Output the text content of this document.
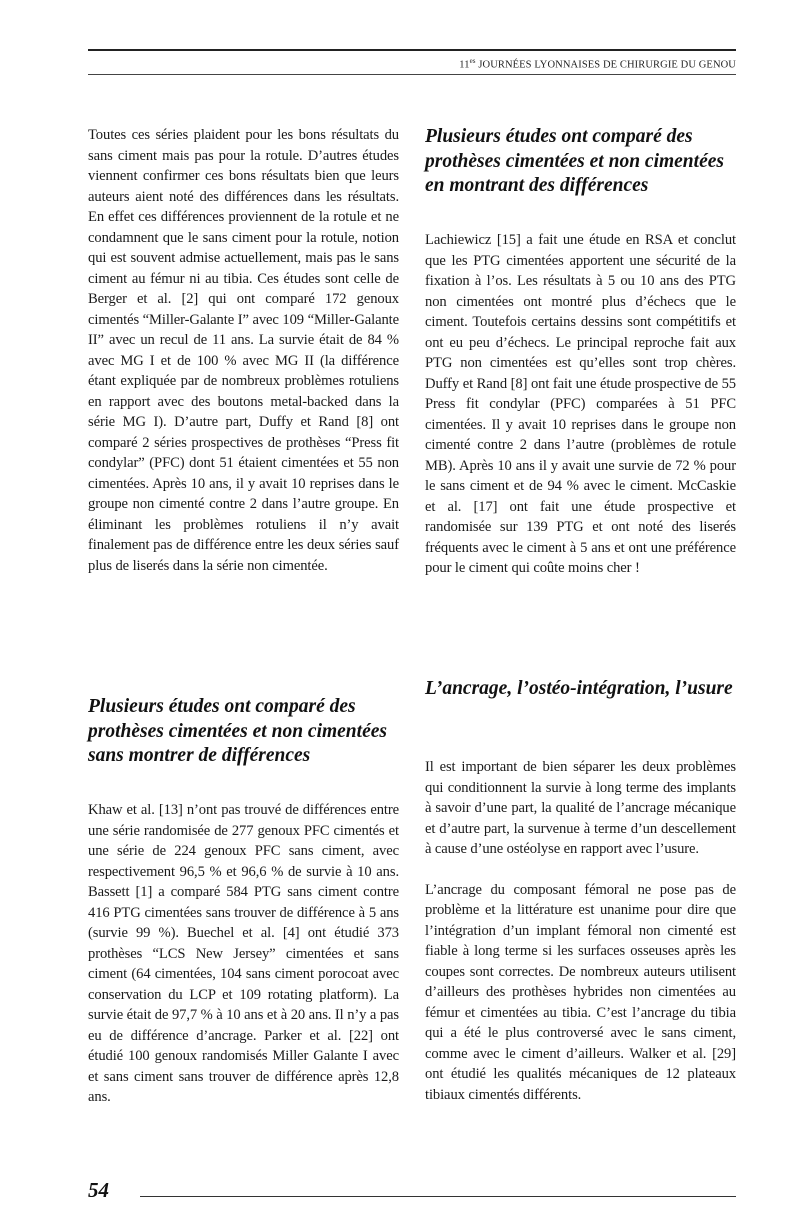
$11^{es}$ JOURNÉES LYONNAISES DE CHIRURGIE DU GENOU

Toutes ces séries plaident pour les bons résultats du sans ciment mais pas pour la rotule. D’autres études viennent confirmer ces bons résultats bien que leurs auteurs aient noté des différences dans les résultats. En effet ces différences proviennent de la rotule et ne condamnent que le sans ciment pour la rotule, notion qui est souvent admise actuellement, mais pas le sans ciment au fémur ni au tibia. Ces études sont celle de Berger et al. [2] qui ont comparé 172 genoux cimentés “Miller-Galante I” avec 109 “Miller-Galante II” avec un recul de 11 ans. La survie était de 84 % avec MG I et de 100 % avec MG II (la différence étant expliquée par de nombreux problèmes rotuliens en rapport avec des boutons metal-backed dans la série MG I). D’autre part, Duffy et Rand [8] ont comparé 2 séries prospectives de prothèses “Press fit condylar” (PFC) dont 51 étaient cimentées et 55 non cimentées. Après 10 ans, il y avait 10 reprises dans le groupe non cimenté contre 2 dans l’autre groupe. En éliminant les problèmes rotuliens il n’y avait finalement pas de différence entre les deux séries sauf plus de liserés dans la série non cimentée.

Plusieurs études ont comparé des prothèses cimentées et non cimentées sans montrer de différences

Khaw et al. [13] n’ont pas trouvé de différences entre une série randomisée de 277 genoux PFC cimentés et une série de 224 genoux PFC sans ciment, avec respectivement 96,5 % et 96,6 % de survie à 10 ans. Bassett [1] a comparé 584 PTG sans ciment contre 416 PTG cimentées sans trouver de différence à 5 ans (survie 99 %). Buechel et al. [4] ont étudié 373 prothèses “LCS New Jersey” cimentées et sans ciment (64 cimentées, 104 sans ciment porocoat avec conservation du LCP et 109 rotating platform). La survie était de 97,7 % à 10 ans et à 20 ans. Il n’y a pas eu de différence d’ancrage. Parker et al. [22] ont étudié 100 genoux randomisés Miller Galante I avec et sans ciment sans trouver de différence après 12,8 ans.

Plusieurs études ont comparé des prothèses cimentées et non cimentées en montrant des différences

Lachiewicz [15] a fait une étude en RSA et conclut que les PTG cimentées apportent une sécurité de la fixation à l’os. Les résultats à 5 ou 10 ans des PTG non cimentées ont montré plus d’échecs que le ciment. Toutefois certains dessins sont compétitifs et ont eu peu d’échecs. Le principal reproche fait aux PTG non cimentées est qu’elles sont trop chères. Duffy et Rand [8] ont fait une étude prospective de 55 Press fit condylar (PFC) comparées à 51 PFC cimentées. Il y avait 10 reprises dans le groupe non cimenté contre 2 dans l’autre (problèmes de rotule MB). Après 10 ans il y avait une survie de 72 % pour le sans ciment et de 94 % avec le ciment. McCaskie et al. [17] ont fait une étude prospective et randomisée sur 139 PTG et ont noté des liserés fréquents avec le ciment à 5 ans et ont une préférence pour le ciment qui coûte moins cher !

L’ancrage, l’ostéo-intégration, l’usure

Il est important de bien séparer les deux problèmes qui conditionnent la survie à long terme des implants à savoir d’une part, la qualité de l’ancrage mécanique et d’autre part, la survenue à terme d’un descellement à cause d’une ostéolyse en rapport avec l’usure.

L’ancrage du composant fémoral ne pose pas de problème et la littérature est unanime pour dire que l’intégration d’un implant fémoral non cimenté est fiable à long terme si les surfaces osseuses après les coupes sont correctes. De nombreux auteurs utilisent d’ailleurs des prothèses hybrides non cimentées au fémur et cimentées au tibia. C’est l’ancrage du tibia qui a été le plus controversé avec le sans ciment, comme avec le ciment d’ailleurs. Walker et al. [29] ont étudié les qualités mécaniques de 12 plateaux tibiaux cimentés différents.

54
